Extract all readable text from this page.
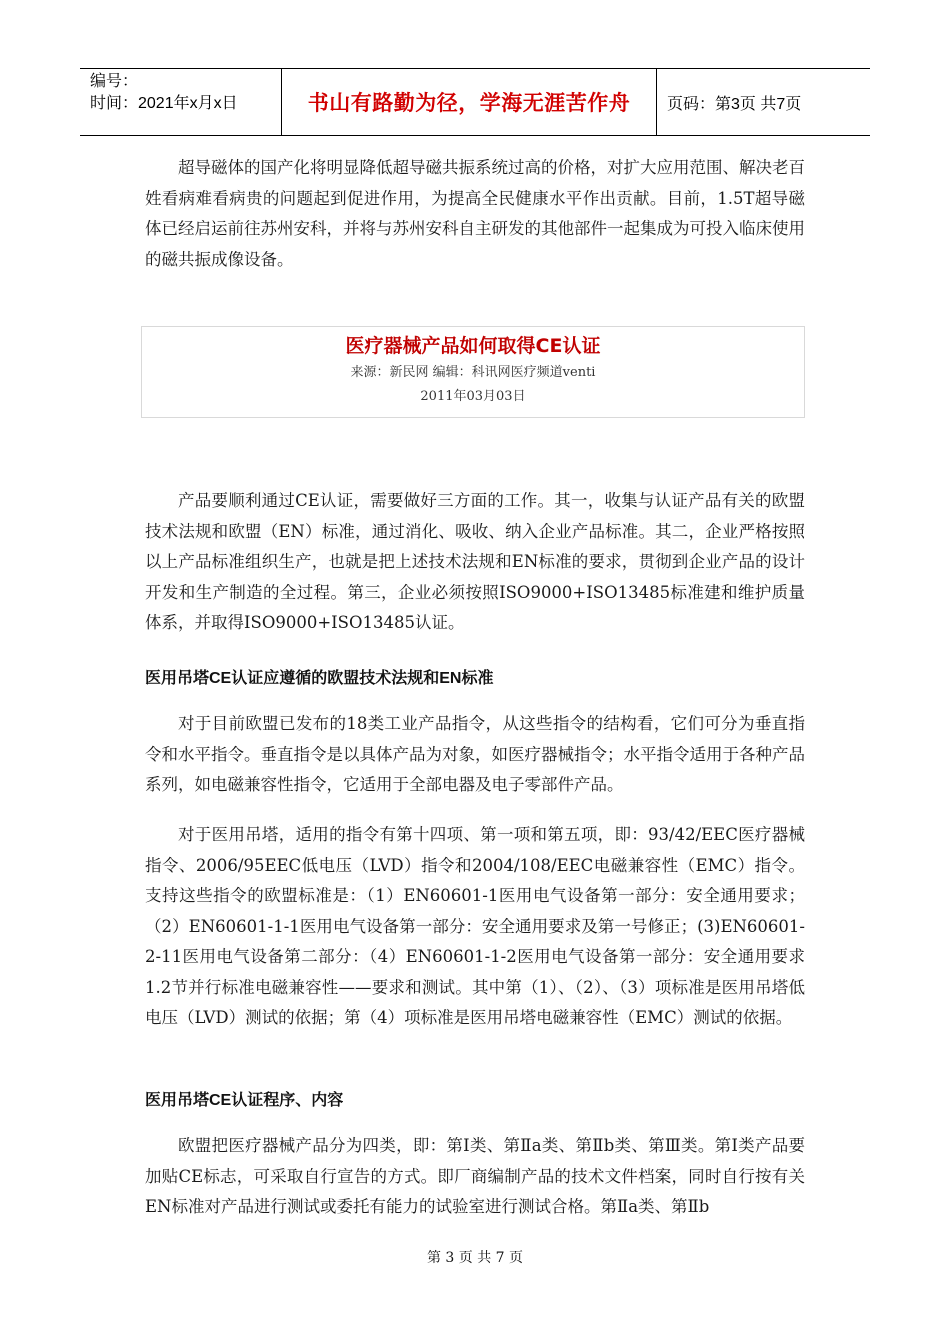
编号：
时间：2021年x月x日	书山有路勤为径，学海无涯苦作舟 页码：第3页 共7页

超导磁体的国产化将明显降低超导磁共振系统过高的价格，对扩大应用范围、解决老百姓看病难看病贵的问题起到促进作用，为提高全民健康水平作出贡献。目前，1.5T超导磁体已经启运前往苏州安科，并将与苏州安科自主研发的其他部件一起集成为可投入临床使用的磁共振成像设备。

医疗器械产品如何取得CE认证
来源：新民网 编辑：科讯网医疗频道venti
2011年03月03日

产品要顺利通过CE认证，需要做好三方面的工作。其一，收集与认证产品有关的欧盟技术法规和欧盟（EN）标准，通过消化、吸收、纳入企业产品标准。其二，企业严格按照以上产品标准组织生产，也就是把上述技术法规和EN标准的要求，贯彻到企业产品的设计开发和生产制造的全过程。第三，企业必须按照ISO9000+ISO13485标准建和维护质量体系，并取得ISO9000+ISO13485认证。

医用吊塔CE认证应遵循的欧盟技术法规和EN标准

对于目前欧盟已发布的18类工业产品指令，从这些指令的结构看，它们可分为垂直指令和水平指令。垂直指令是以具体产品为对象，如医疗器械指令；水平指令适用于各种产品系列，如电磁兼容性指令，它适用于全部电器及电子零部件产品。

对于医用吊塔，适用的指令有第十四项、第一项和第五项，即：93/42/EEC医疗器械指令、2006/95EEC低电压（LVD）指令和2004/108/EEC电磁兼容性（EMC）指令。支持这些指令的欧盟标准是：（1）EN60601-1医用电气设备第一部分：安全通用要求；（2）EN60601-1-1医用电气设备第一部分：安全通用要求及第一号修正；(3)EN60601-2-11医用电气设备第二部分：（4）EN60601-1-2医用电气设备第一部分：安全通用要求1.2节并行标准电磁兼容性——要求和测试。其中第（1）、（2）、（3）项标准是医用吊塔低电压（LVD）测试的依据；第（4）项标准是医用吊塔电磁兼容性（EMC）测试的依据。

医用吊塔CE认证程序、内容

欧盟把医疗器械产品分为四类，即：第Ⅰ类、第Ⅱa类、第Ⅱb类、第Ⅲ类。第Ⅰ类产品要加贴CE标志，可采取自行宣告的方式。即厂商编制产品的技术文件档案，同时自行按有关EN标准对产品进行测试或委托有能力的试验室进行测试合格。第Ⅱa类、第Ⅱb

第 3 页 共 7 页
